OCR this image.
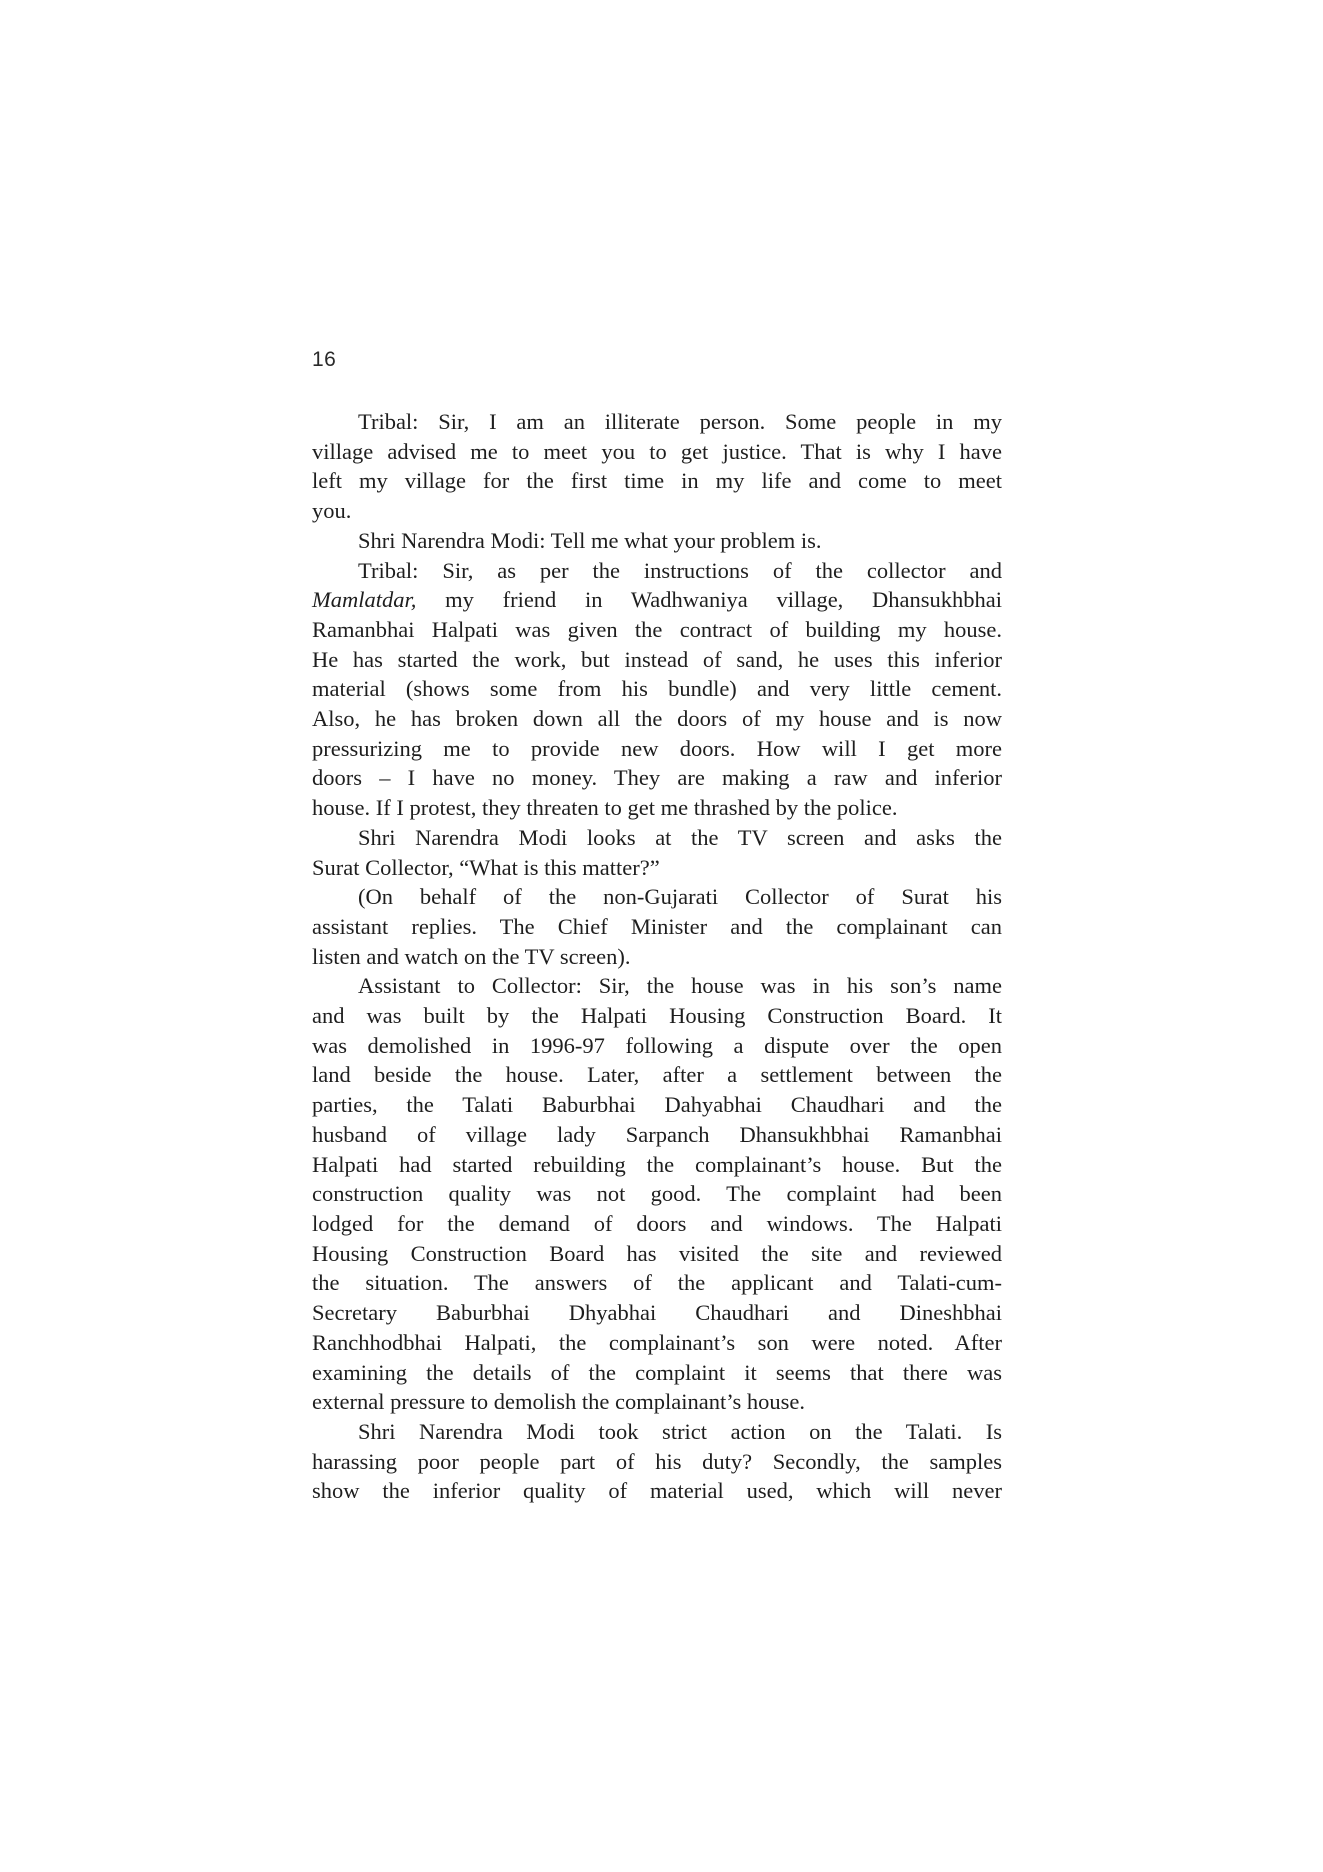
16
Tribal: Sir, I am an illiterate person. Some people in my
village advised me to meet you to get justice. That is why I have
left my village for the first time in my life and come to meet
you.
Shri Narendra Modi: Tell me what your problem is.
Tribal: Sir, as per the instructions of the collector and
Mamlatdar, my friend in Wadhwaniya village, Dhansukhbhai
Ramanbhai Halpati was given the contract of building my house.
He has started the work, but instead of sand, he uses this inferior
material (shows some from his bundle) and very little cement.
Also, he has broken down all the doors of my house and is now
pressurizing me to provide new doors. How will I get more
doors – I have no money. They are making a raw and inferior
house. If I protest, they threaten to get me thrashed by the police.
Shri Narendra Modi looks at the TV screen and asks the
Surat Collector, “What is this matter?”
(On behalf of the non-Gujarati Collector of Surat his
assistant replies. The Chief Minister and the complainant can
listen and watch on the TV screen).
Assistant to Collector: Sir, the house was in his son’s name
and was built by the Halpati Housing Construction Board. It
was demolished in 1996-97 following a dispute over the open
land beside the house. Later, after a settlement between the
parties, the Talati Baburbhai Dahyabhai Chaudhari and the
husband of village lady Sarpanch Dhansukhbhai Ramanbhai
Halpati had started rebuilding the complainant’s house. But the
construction quality was not good. The complaint had been
lodged for the demand of doors and windows. The Halpati
Housing Construction Board has visited the site and reviewed
the situation. The answers of the applicant and Talati-cum-
Secretary Baburbhai Dhyabhai Chaudhari and Dineshbhai
Ranchhodbhai Halpati, the complainant’s son were noted. After
examining the details of the complaint it seems that there was
external pressure to demolish the complainant’s house.
Shri Narendra Modi took strict action on the Talati. Is
harassing poor people part of his duty? Secondly, the samples
show the inferior quality of material used, which will never
